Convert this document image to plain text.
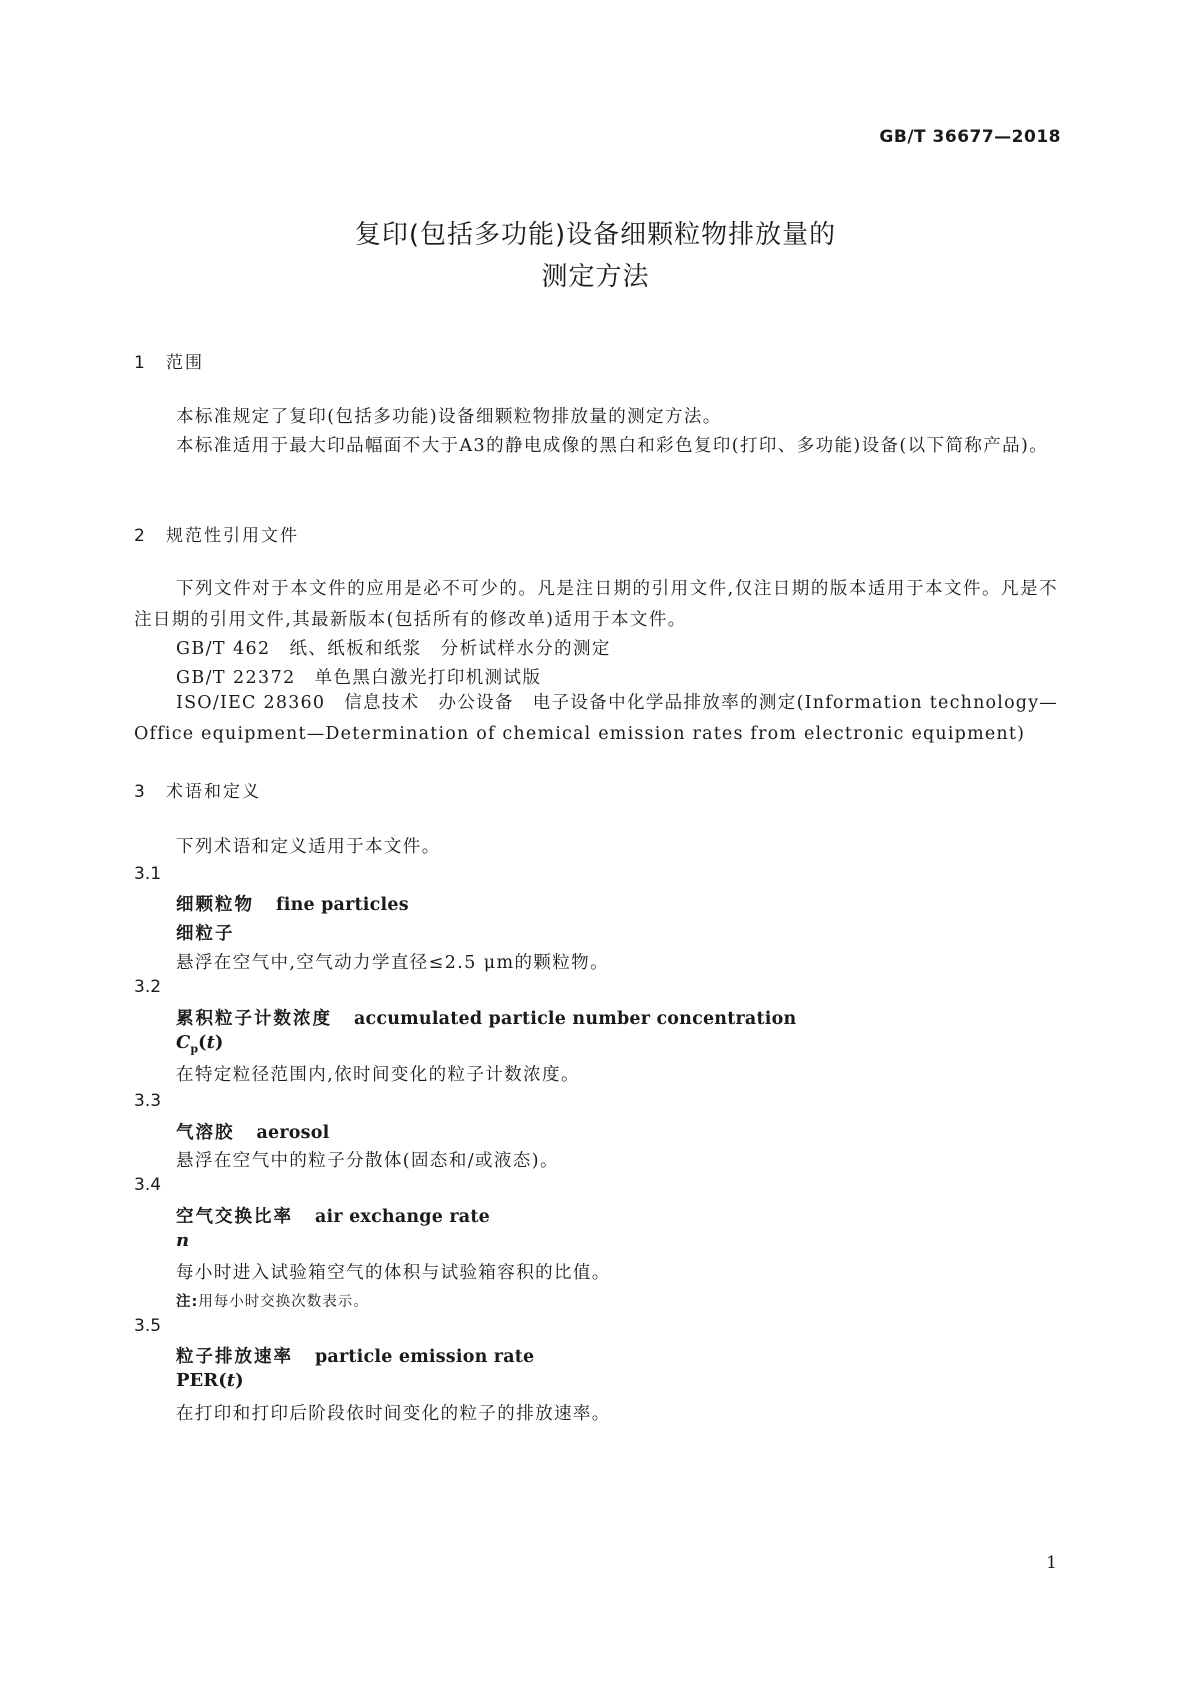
GB/T 36677—2018
复印(包括多功能)设备细颗粒物排放量的
测定方法
1 范围
本标准规定了复印(包括多功能)设备细颗粒物排放量的测定方法。
本标准适用于最大印品幅面不大于A3的静电成像的黑白和彩色复印(打印、多功能)设备(以下简称产品)。
2 规范性引用文件
下列文件对于本文件的应用是必不可少的。凡是注日期的引用文件,仅注日期的版本适用于本文件。凡是不注日期的引用文件,其最新版本(包括所有的修改单)适用于本文件。
GB/T 462　纸、纸板和纸浆　分析试样水分的测定
GB/T 22372　单色黑白激光打印机测试版
ISO/IEC 28360　信息技术　办公设备　电子设备中化学品排放率的测定(Information technology—Office equipment—Determination of chemical emission rates from electronic equipment)
3 术语和定义
下列术语和定义适用于本文件。
3.1
细颗粒物 fine particles
细粒子
悬浮在空气中,空气动力学直径≤2.5 μm的颗粒物。
3.2
累积粒子计数浓度 accumulated particle number concentration
$C_p(t)$
在特定粒径范围内,依时间变化的粒子计数浓度。
3.3
气溶胶 aerosol
悬浮在空气中的粒子分散体(固态和/或液态)。
3.4
空气交换比率 air exchange rate
n
每小时进入试验箱空气的体积与试验箱容积的比值。
注:用每小时交换次数表示。
3.5
粒子排放速率 particle emission rate
PER(t)
在打印和打印后阶段依时间变化的粒子的排放速率。
1
